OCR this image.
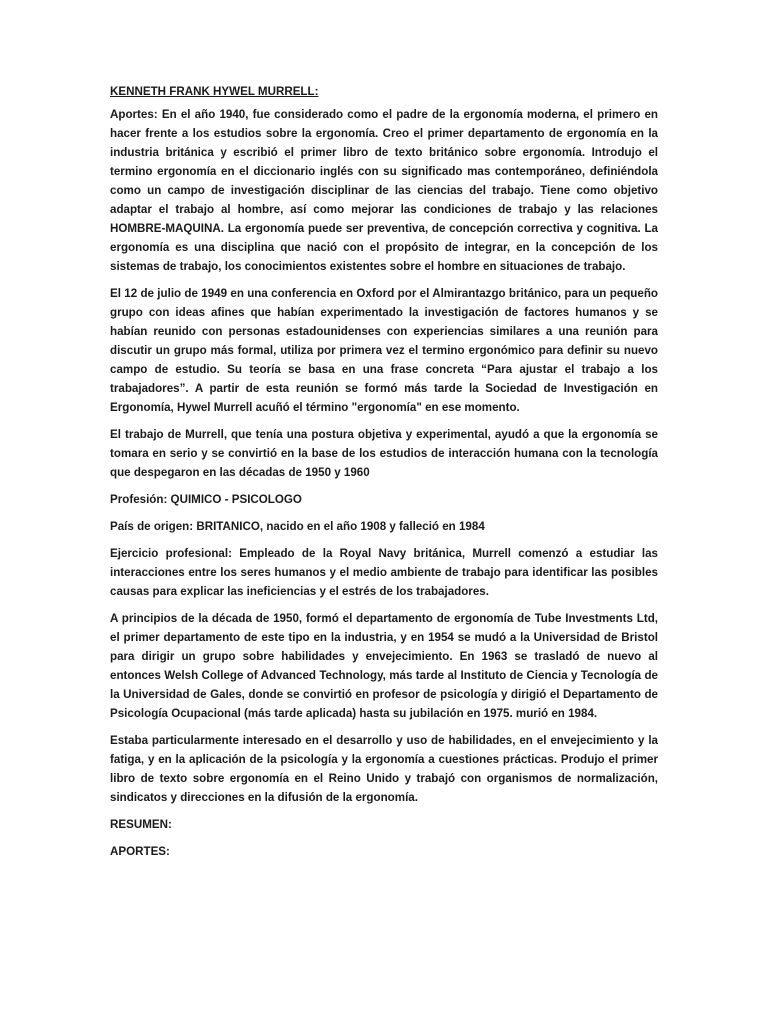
KENNETH FRANK HYWEL MURRELL:

Aportes: En el año 1940, fue considerado como el padre de la ergonomía moderna, el primero en hacer frente a los estudios sobre la ergonomía. Creo el primer departamento de ergonomía en la industria británica y escribió el primer libro de texto británico sobre ergonomía. Introdujo el termino ergonomía en el diccionario inglés con su significado mas contemporáneo, definiéndola como un campo de investigación disciplinar de las ciencias del trabajo. Tiene como objetivo adaptar el trabajo al hombre, así como mejorar las condiciones de trabajo y las relaciones HOMBRE-MAQUINA. La ergonomía puede ser preventiva, de concepción correctiva y cognitiva. La ergonomía es una disciplina que nació con el propósito de integrar, en la concepción de los sistemas de trabajo, los conocimientos existentes sobre el hombre en situaciones de trabajo.

El 12 de julio de 1949 en una conferencia en Oxford por el Almirantazgo británico, para un pequeño grupo con ideas afines que habían experimentado la investigación de factores humanos y se habían reunido con personas estadounidenses con experiencias similares a una reunión para discutir un grupo más formal, utiliza por primera vez el termino ergonómico para definir su nuevo campo de estudio. Su teoría se basa en una frase concreta “Para ajustar el trabajo a los trabajadores”. A partir de esta reunión se formó más tarde la Sociedad de Investigación en Ergonomía, Hywel Murrell acuñó el término "ergonomía" en ese momento.

El trabajo de Murrell, que tenía una postura objetiva y experimental, ayudó a que la ergonomía se tomara en serio y se convirtió en la base de los estudios de interacción humana con la tecnología que despegaron en las décadas de 1950 y 1960

Profesión: QUIMICO - PSICOLOGO

País de origen: BRITANICO, nacido en el año 1908 y falleció en 1984

Ejercicio profesional: Empleado de la Royal Navy británica, Murrell comenzó a estudiar las interacciones entre los seres humanos y el medio ambiente de trabajo para identificar las posibles causas para explicar las ineficiencias y el estrés de los trabajadores.

A principios de la década de 1950, formó el departamento de ergonomía de Tube Investments Ltd, el primer departamento de este tipo en la industria, y en 1954 se mudó a la Universidad de Bristol para dirigir un grupo sobre habilidades y envejecimiento. En 1963 se trasladó de nuevo al entonces Welsh College of Advanced Technology, más tarde al Instituto de Ciencia y Tecnología de la Universidad de Gales, donde se convirtió en profesor de psicología y dirigió el Departamento de Psicología Ocupacional (más tarde aplicada) hasta su jubilación en 1975. murió en 1984.

Estaba particularmente interesado en el desarrollo y uso de habilidades, en el envejecimiento y la fatiga, y en la aplicación de la psicología y la ergonomía a cuestiones prácticas. Produjo el primer libro de texto sobre ergonomía en el Reino Unido y trabajó con organismos de normalización, sindicatos y direcciones en la difusión de la ergonomía.

RESUMEN:

APORTES:
